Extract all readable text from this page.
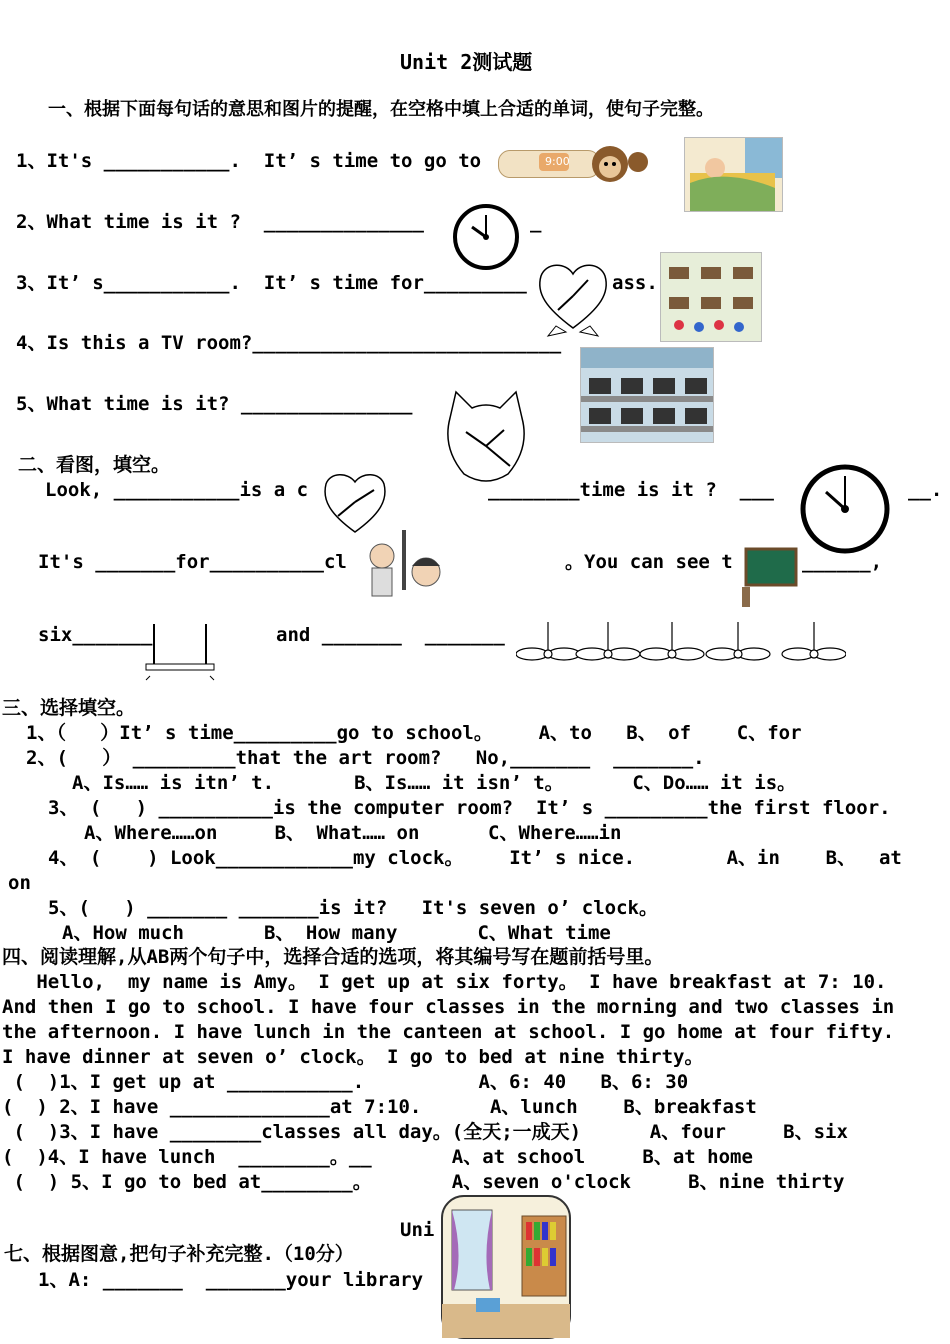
Unit 2测试题
一、根据下面每句话的意思和图片的提醒，在空格中填上合适的单词，使句子完整。
1、It's ___________.  It’ s time to go to	9:00
2、What time is it ?  ______________	_
3、It’ s___________.  It’ s time for_________	ass.
4、Is this a TV room?___________________________
5、What time is it? _______________
二、看图，填空。
Look, ___________is a c	________time is it ?  ___	__.
It's _______for__________cl	。You can see t	______,
six_______	and _______  _______
三、选择填空。
1、（   ）It’ s time_________go to school。    A、to   B、 of    C、for
2、(   ） _________that the art room?   No,_______  _______.
A、Is…… is itn’ t.       B、Is…… it isn’ t。      C、Do…… it is。
3、 (   ) __________is the computer room?  It’ s _________the first floor.
A、Where……on     B、 What…… on      C、Where……in
4、 (    ) Look____________my clock。    It’ s nice.        A、in    B、  at
on
5、(   ) _______ _______is it?   It's seven o’ clock。
A、How much       B、 How many       C、What time
四、阅读理解,从AB两个句子中，选择合适的选项，将其编号写在题前括号里。
Hello,  my name is Amy。 I get up at six forty。 I have breakfast at 7: 10.
And then I go to school. I have four classes in the morning and two classes in
the afternoon. I have lunch in the canteen at school. I go home at four fifty.
I have dinner at seven o’ clock。 I go to bed at nine thirty。
(  )1、I get up at ___________.          A、6: 40   B、6: 30
(  ) 2、I have ______________at 7:10.      A、lunch    B、breakfast
(  )3、I have ________classes all day。(全天;一成天)      A、four     B、six
(  )4、I have lunch  ________。__       A、at school     B、at home
(  ) 5、I go to bed at________。       A、seven o'clock     B、nine thirty
Uni
七、根据图意,把句子补充完整.（10分）
1、A: _______  _______your library
